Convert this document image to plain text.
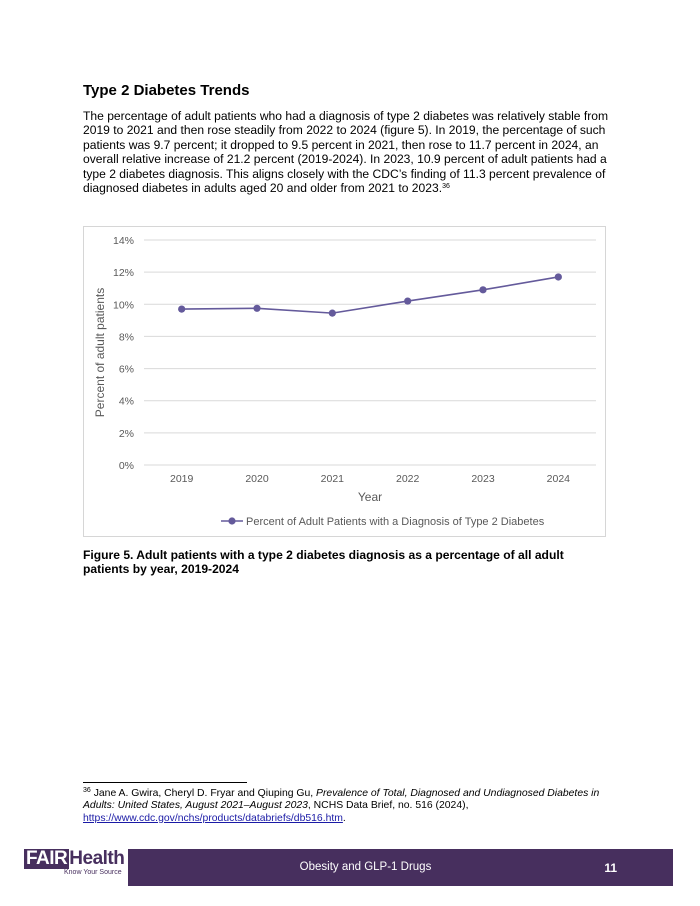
Type 2 Diabetes Trends

The percentage of adult patients who had a diagnosis of type 2 diabetes was relatively stable from 2019 to 2021 and then rose steadily from 2022 to 2024 (figure 5). In 2019, the percentage of such patients was 9.7 percent; it dropped to 9.5 percent in 2021, then rose to 11.7 percent in 2024, an overall relative increase of 21.2 percent (2019-2024). In 2023, 10.9 percent of adult patients had a type 2 diabetes diagnosis. This aligns closely with the CDC’s finding of 11.3 percent prevalence of diagnosed diabetes in adults aged 20 and older from 2021 to 2023.36

0%
2%
4%
6%
8%
10%
12%
14%
2019	2020	2021	2022	2023	2024
Year
Percent of adult patients
Percent of Adult Patients with a Diagnosis of Type 2 Diabetes

Figure 5. Adult patients with a type 2 diabetes diagnosis as a percentage of all adult patients by year, 2019-2024

$^{36}$ Jane A. Gwira, Cheryl D. Fryar and Qiuping Gu, Prevalence of Total, Diagnosed and Undiagnosed Diabetes in Adults: United States, August 2021–August 2023, NCHS Data Brief, no. 516 (2024),
https://www.cdc.gov/nchs/products/databriefs/db516.htm.

FAIR Health
Know Your Source	Obesity and GLP-1 Drugs	11
